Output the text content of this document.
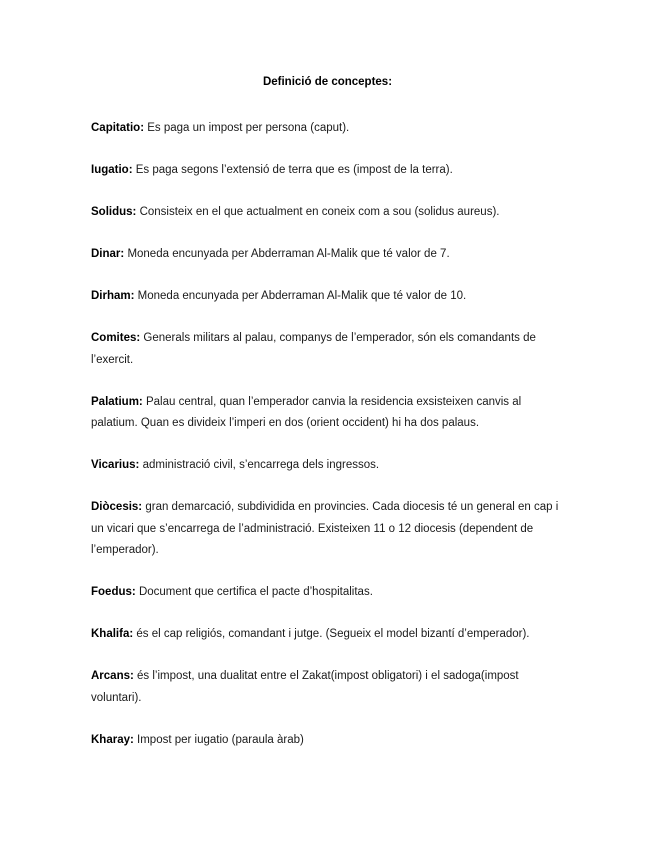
Definició de conceptes:

Capitatio: Es paga un impost per persona (caput).

Iugatio: Es paga segons l’extensió de terra que es (impost de la terra).

Solidus: Consisteix en el que actualment en coneix com a sou (solidus aureus).

Dinar: Moneda encunyada per Abderraman Al-Malik que té valor de 7.

Dirham: Moneda encunyada per Abderraman Al-Malik que té valor de 10.

Comites: Generals militars al palau, companys de l’emperador, són els comandants de l’exercit.

Palatium: Palau central, quan l’emperador canvia la residencia exsisteixen canvis al palatium. Quan es divideix l’imperi en dos (orient occident) hi ha dos palaus.

Vicarius: administració civil, s’encarrega dels ingressos.

Diòcesis: gran demarcació, subdividida en provincies. Cada diocesis té un general en cap i un vicari que s’encarrega de l’administració. Existeixen 11 o 12 diocesis (dependent de l’emperador).

Foedus: Document que certifica el pacte d’hospitalitas.

Khalifa: és el cap religiós, comandant i jutge. (Segueix el model bizantí d’emperador).

Arcans: és l’impost, una dualitat entre el Zakat(impost obligatori) i el sadoga(impost voluntari).

Kharay: Impost per iugatio (paraula àrab)
